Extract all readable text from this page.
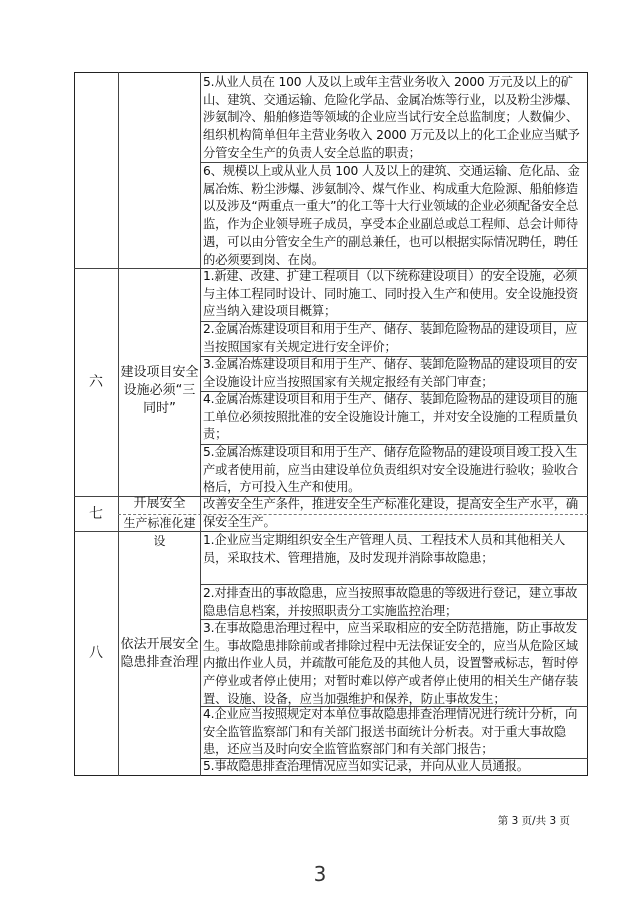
5.从业人员在 100 人及以上或年主营业务收入 2000 万元及以上的矿山、建筑、交通运输、危险化学品、金属冶炼等行业，以及粉尘涉爆、涉氨制冷、船舶修造等领域的企业应当试行安全总监制度；人数偏少、组织机构简单但年主营业务收入 2000 万元及以上的化工企业应当赋予分管安全生产的负责人安全总监的职责；
6、规模以上或从业人员 100 人及以上的建筑、交通运输、危化品、金属冶炼、粉尘涉爆、涉氨制冷、煤气作业、构成重大危险源、船舶修造以及涉及“两重点一重大”的化工等十大行业领域的企业必须配备安全总监，作为企业领导班子成员，享受本企业副总或总工程师、总会计师待遇，可以由分管安全生产的副总兼任，也可以根据实际情况聘任，聘任的必须要到岗、在岗。
六
建设项目安全设施必须“三同时”
1.新建、改建、扩建工程项目（以下统称建设项目）的安全设施，必须与主体工程同时设计、同时施工、同时投入生产和使用。安全设施投资应当纳入建设项目概算；
2.金属冶炼建设项目和用于生产、储存、装卸危险物品的建设项目，应当按照国家有关规定进行安全评价；
3.金属冶炼建设项目和用于生产、储存、装卸危险物品的建设项目的安全设施设计应当按照国家有关规定报经有关部门审查；
4.金属冶炼建设项目和用于生产、储存、装卸危险物品的建设项目的施工单位必须按照批准的安全设施设计施工，并对安全设施的工程质量负责；
5.金属冶炼建设项目和用于生产、储存危险物品的建设项目竣工投入生产或者使用前，应当由建设单位负责组织对安全设施进行验收；验收合格后，方可投入生产和使用。
七
开展安全
生产标准化建设
改善安全生产条件，推进安全生产标准化建设，提高安全生产水平，确保安全生产。
八
依法开展安全隐患排查治理
1.企业应当定期组织安全生产管理人员、工程技术人员和其他相关人员，采取技术、管理措施，及时发现并消除事故隐患；
2.对排查出的事故隐患，应当按照事故隐患的等级进行登记，建立事故隐患信息档案，并按照职责分工实施监控治理；
3.在事故隐患治理过程中，应当采取相应的安全防范措施，防止事故发生。事故隐患排除前或者排除过程中无法保证安全的，应当从危险区域内撤出作业人员，并疏散可能危及的其他人员，设置警戒标志，暂时停产停业或者停止使用；对暂时难以停产或者停止使用的相关生产储存装置、设施、设备，应当加强维护和保养，防止事故发生；
4.企业应当按照规定对本单位事故隐患排查治理情况进行统计分析，向安全监管监察部门和有关部门报送书面统计分析表。对于重大事故隐患，还应当及时向安全监管监察部门和有关部门报告；
5.事故隐患排查治理情况应当如实记录，并向从业人员通报。
第 3 页/共 3 页
3
